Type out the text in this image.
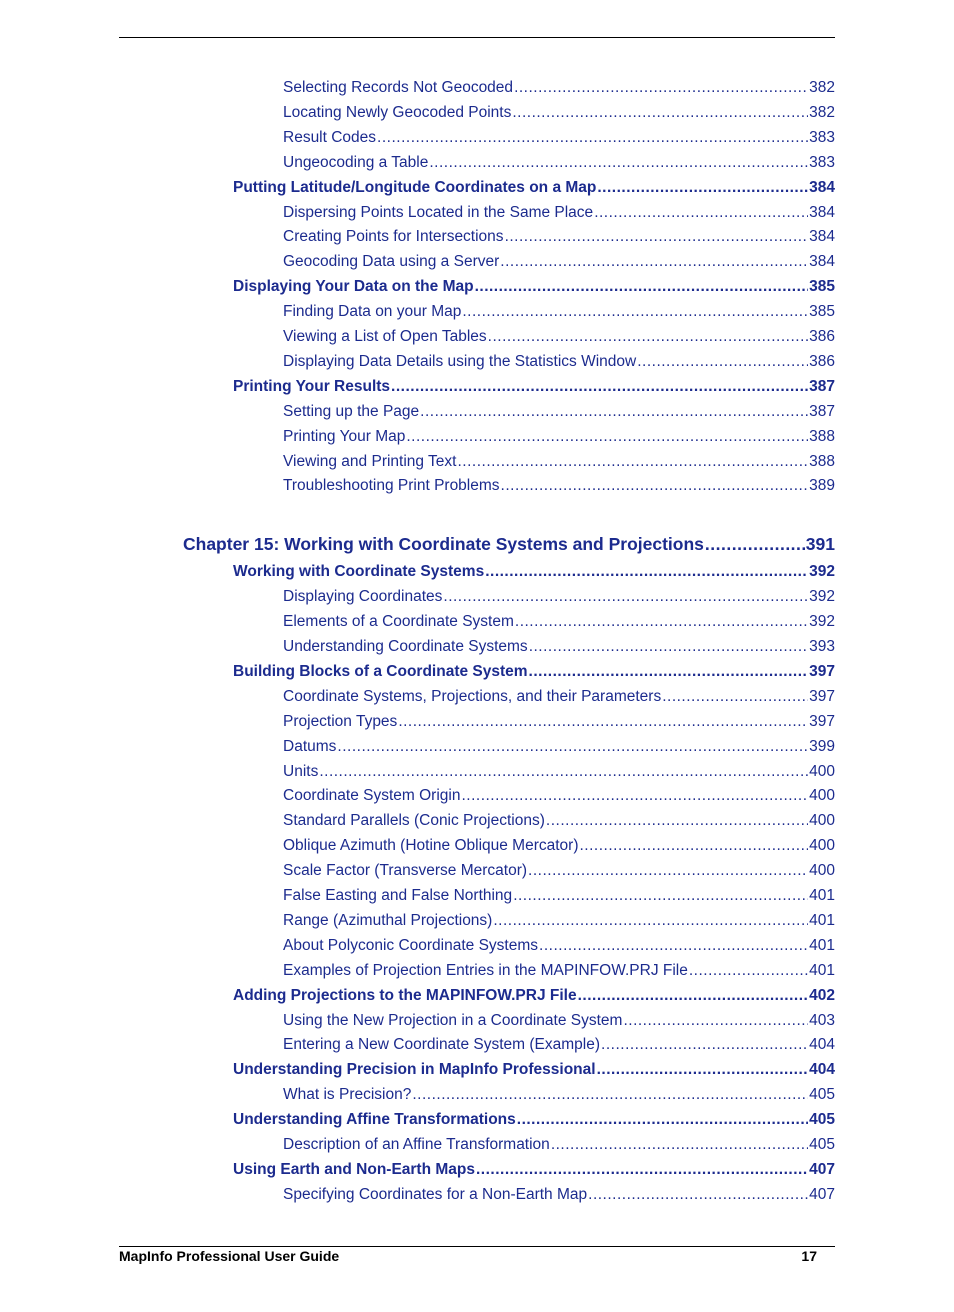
Selecting Records Not Geocoded .....	382
Locating Newly Geocoded Points .....	382
Result Codes .....	383
Ungeocoding a Table .....	383
Putting Latitude/Longitude Coordinates on a Map .....	384
Dispersing Points Located in the Same Place .....	384
Creating Points for Intersections .....	384
Geocoding Data using a Server .....	384
Displaying Your Data on the Map .....	385
Finding Data on your Map .....	385
Viewing a List of Open Tables .....	386
Displaying Data Details using the Statistics Window .....	386
Printing Your Results .....	387
Setting up the Page .....	387
Printing Your Map .....	388
Viewing and Printing Text .....	388
Troubleshooting Print Problems .....	389
Chapter 15: Working with Coordinate Systems and Projections .....	391
Working with Coordinate Systems .....	392
Displaying Coordinates .....	392
Elements of a Coordinate System .....	392
Understanding Coordinate Systems .....	393
Building Blocks of a Coordinate System .....	397
Coordinate Systems, Projections, and their Parameters .....	397
Projection Types .....	397
Datums .....	399
Units .....	400
Coordinate System Origin .....	400
Standard Parallels (Conic Projections) .....	400
Oblique Azimuth (Hotine Oblique Mercator) .....	400
Scale Factor (Transverse Mercator) .....	400
False Easting and False Northing .....	401
Range (Azimuthal Projections) .....	401
About Polyconic Coordinate Systems .....	401
Examples of Projection Entries in the MAPINFOW.PRJ File .....	401
Adding Projections to the MAPINFOW.PRJ File .....	402
Using the New Projection in a Coordinate System .....	403
Entering a New Coordinate System (Example) .....	404
Understanding Precision in MapInfo Professional .....	404
What is Precision? .....	405
Understanding Affine Transformations .....	405
Description of an Affine Transformation .....	405
Using Earth and Non-Earth Maps .....	407
Specifying Coordinates for a Non-Earth Map .....	407
MapInfo Professional User Guide	17
